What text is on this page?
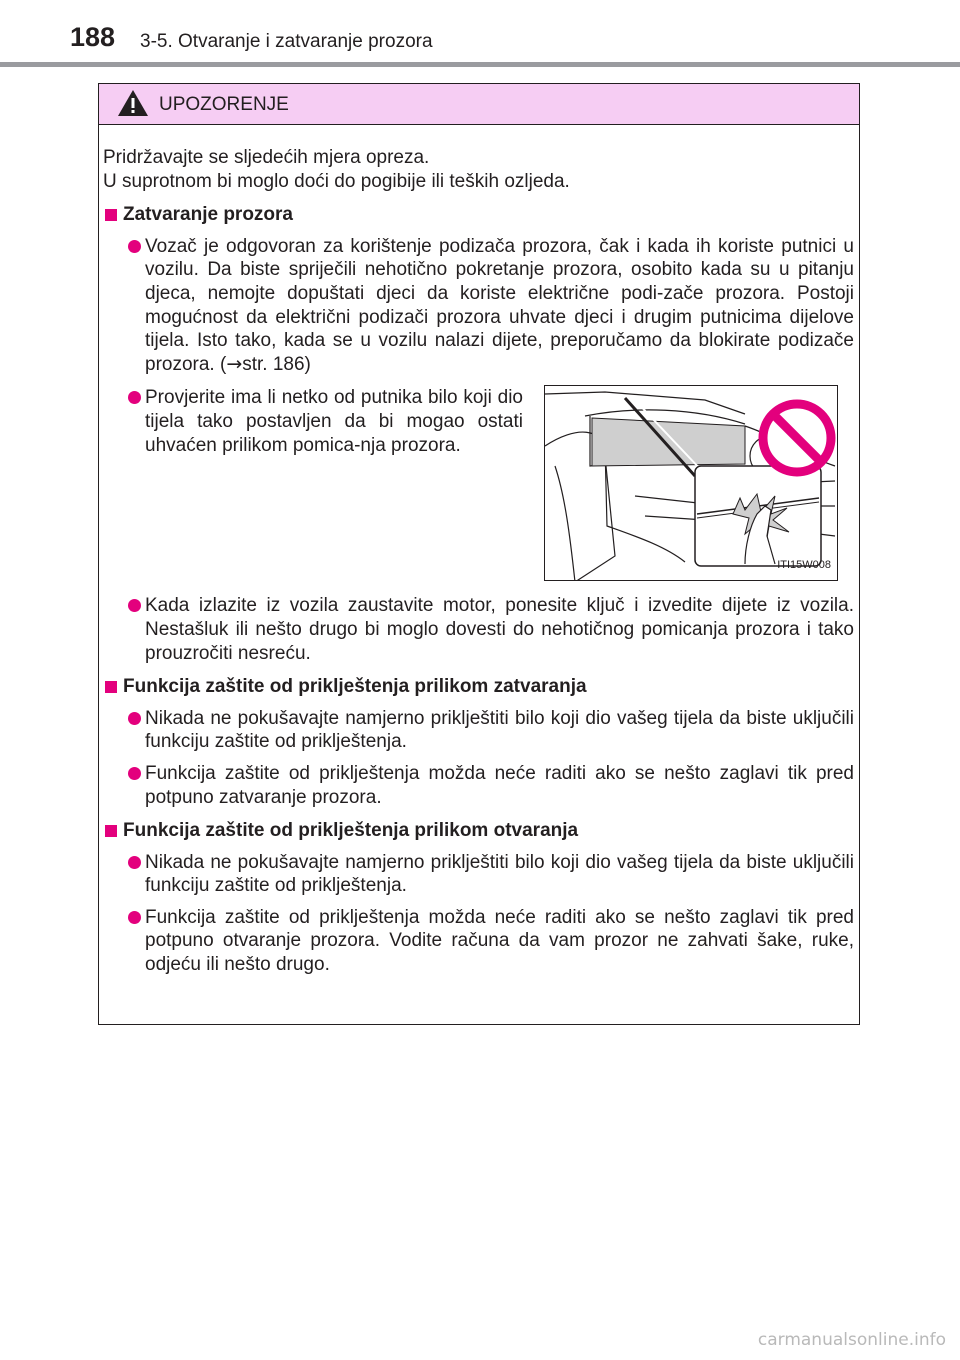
188 3-5. Otvaranje i zatvaranje prozora
UPOZORENJE

Pridržavajte se sljedećih mjera opreza.

U suprotnom bi moglo doći do pogibije ili teških ozljeda.

Zatvaranje prozora
Vozač je odgovoran za korištenje podizača prozora, čak i kada ih koriste putnici u vozilu. Da biste spriječili nehotično pokretanje prozora, osobito kada su u pitanju djeca, nemojte dopuštati djeci da koriste električne podi-zače prozora. Postoji mogućnost da električni podizači prozora uhvate djeci i drugim putnicima dijelove tijela. Isto tako, kada se u vozilu nalazi dijete, preporučamo da blokirate podizače prozora. (→str. 186)
Provjerite ima li netko od putnika bilo koji dio tijela tako postavljen da bi mogao ostati uhvaćen prilikom pomica-nja prozora.
ITI15W008
Kada izlazite iz vozila zaustavite motor, ponesite ključ i izvedite dijete iz vozila. Nestašluk ili nešto drugo bi moglo dovesti do nehotičnog pomicanja prozora i tako prouzročiti nesreću.
Funkcija zaštite od priklještenja prilikom zatvaranja
Nikada ne pokušavajte namjerno priklještiti bilo koji dio vašeg tijela da biste uključili funkciju zaštite od priklještenja.
Funkcija zaštite od priklještenja možda neće raditi ako se nešto zaglavi tik pred potpuno zatvaranje prozora.
Funkcija zaštite od priklještenja prilikom otvaranja
Nikada ne pokušavajte namjerno priklještiti bilo koji dio vašeg tijela da biste uključili funkciju zaštite od priklještenja.
Funkcija zaštite od priklještenja možda neće raditi ako se nešto zaglavi tik pred potpuno otvaranje prozora. Vodite računa da vam prozor ne zahvati šake, ruke, odjeću ili nešto drugo.
carmanualsonline.info
